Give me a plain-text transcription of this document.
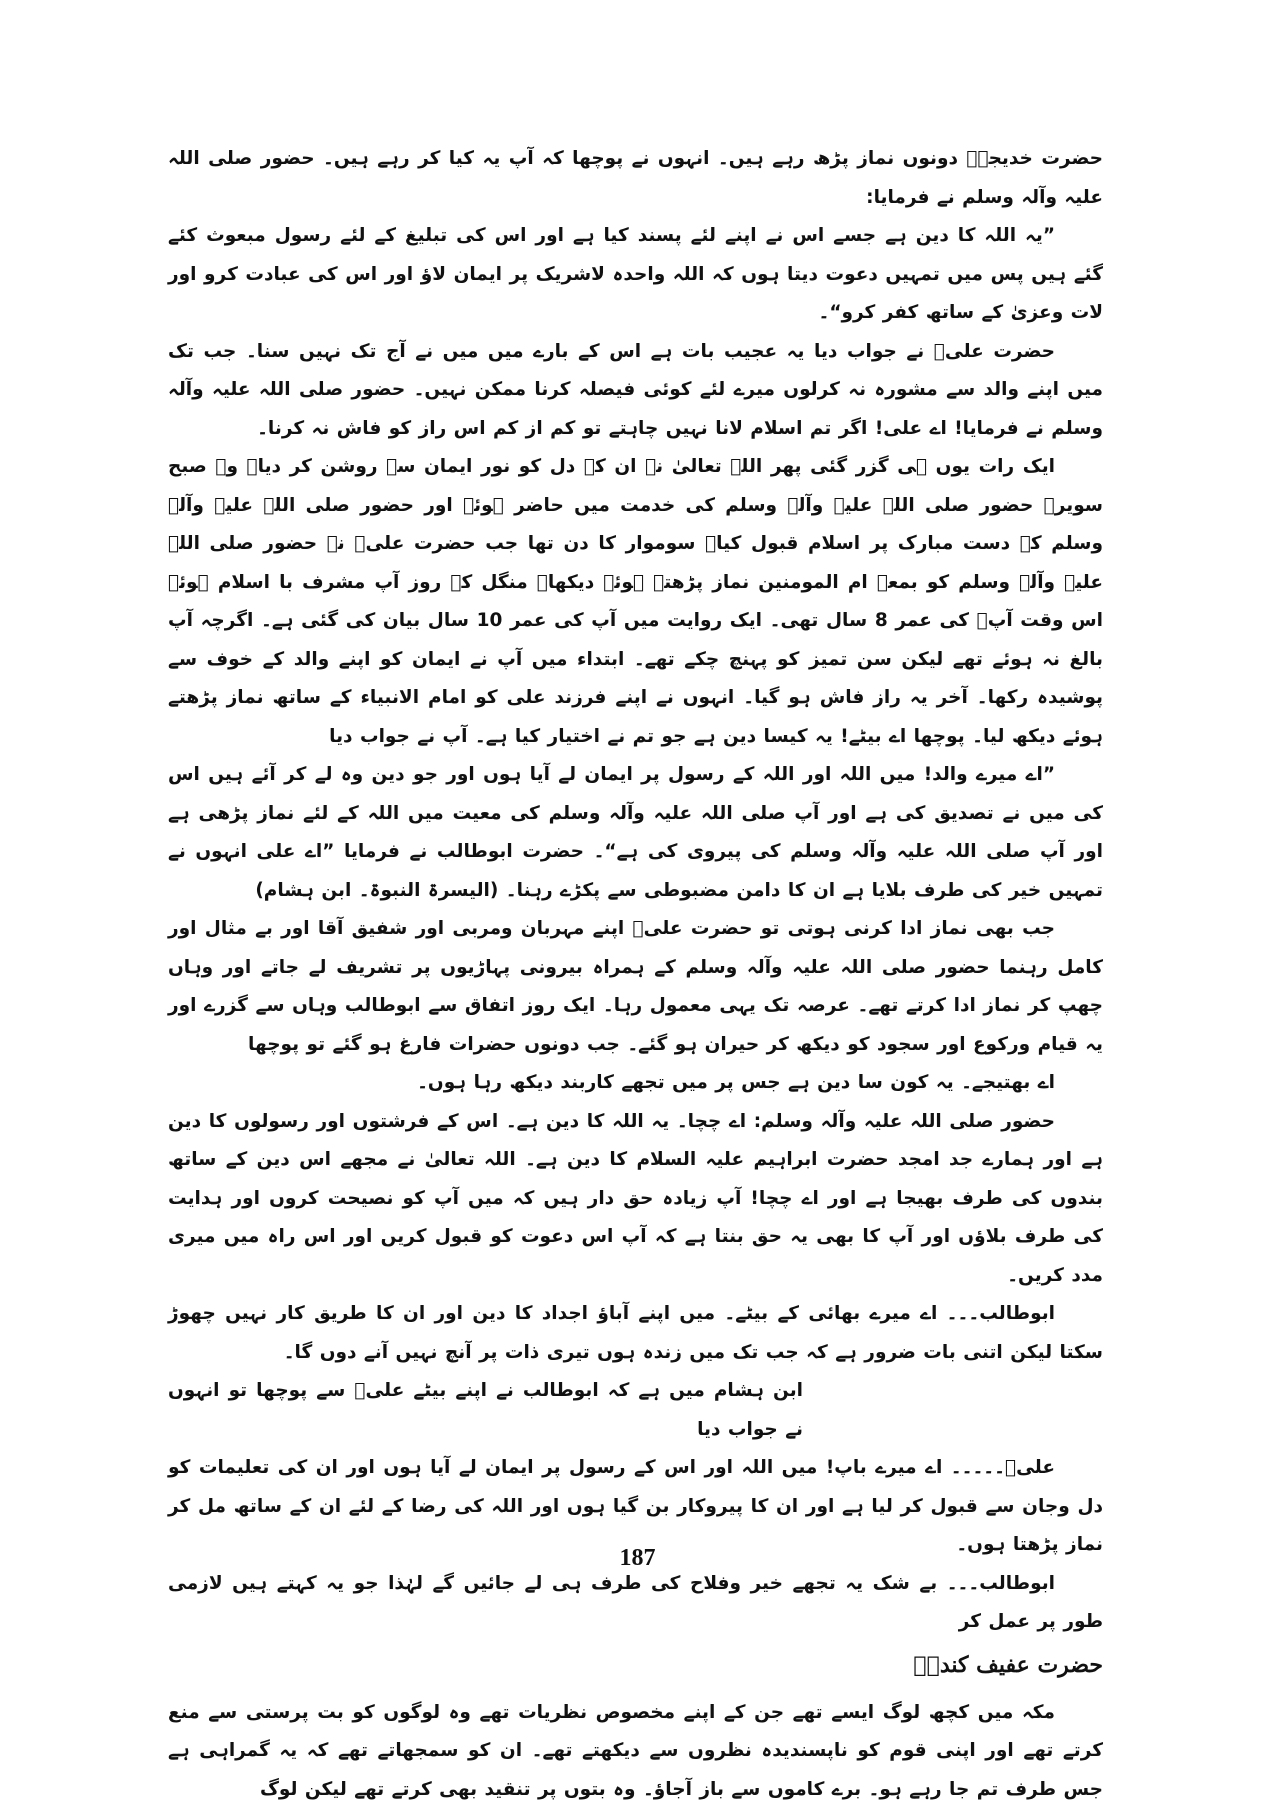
حضرت خدیجہؓ دونوں نماز پڑھ رہے ہیں۔ انہوں نے پوچھا کہ آپ یہ کیا کر رہے ہیں۔ حضور صلی اللہ علیہ وآلہ وسلم نے فرمایا:

”یہ اللہ کا دین ہے جسے اس نے اپنے لئے پسند کیا ہے اور اس کی تبلیغ کے لئے رسول مبعوث کئے گئے ہیں پس میں تمہیں دعوت دیتا ہوں کہ اللہ واحدہ لاشریک پر ایمان لاؤ اور اس کی عبادت کرو اور لات وعزیٰ کے ساتھ کفر کرو“۔

حضرت علیؓ نے جواب دیا یہ عجیب بات ہے اس کے بارے میں میں نے آج تک نہیں سنا۔ جب تک میں اپنے والد سے مشورہ نہ کرلوں میرے لئے کوئی فیصلہ کرنا ممکن نہیں۔ حضور صلی اللہ علیہ وآلہ وسلم نے فرمایا! اے علی! اگر تم اسلام لانا نہیں چاہتے تو کم از کم اس راز کو فاش نہ کرنا۔

ایک رات یوں ہی گزر گئی پھر اللہ تعالیٰ نے ان کے دل کو نور ایمان سے روشن کر دیا۔ وہ صبح سویرے حضور صلی اللہ علیہ وآلہ وسلم کی خدمت میں حاضر ہوئے اور حضور صلی اللہ علیہ وآلہ وسلم کے دست مبارک پر اسلام قبول کیا۔ سوموار کا دن تھا جب حضرت علیؓ نے حضور صلی اللہ علیہ وآلہ وسلم کو بمعہ ام المومنین نماز پڑھتے ہوئے دیکھا۔ منگل کے روز آپ مشرف با اسلام ہوئے اس وقت آپؓ کی عمر 8 سال تھی۔ ایک روایت میں آپ کی عمر 10 سال بیان کی گئی ہے۔ اگرچہ آپ بالغ نہ ہوئے تھے لیکن سن تمیز کو پہنچ چکے تھے۔ ابتداء میں آپ نے ایمان کو اپنے والد کے خوف سے پوشیدہ رکھا۔ آخر یہ راز فاش ہو گیا۔ انہوں نے اپنے فرزند علی کو امام الانبیاء کے ساتھ نماز پڑھتے ہوئے دیکھ لیا۔ پوچھا اے بیٹے! یہ کیسا دین ہے جو تم نے اختیار کیا ہے۔ آپ نے جواب دیا

”اے میرے والد! میں اللہ اور اللہ کے رسول پر ایمان لے آیا ہوں اور جو دین وہ لے کر آئے ہیں اس کی میں نے تصدیق کی ہے اور آپ صلی اللہ علیہ وآلہ وسلم کی معیت میں اللہ کے لئے نماز پڑھی ہے اور آپ صلی اللہ علیہ وآلہ وسلم کی پیروی کی ہے“۔ حضرت ابوطالب نے فرمایا ”اے علی انہوں نے تمہیں خیر کی طرف بلایا ہے ان کا دامن مضبوطی سے پکڑے رہنا۔ (الیسرۃ النبوۃ۔ ابن ہشام)

جب بھی نماز ادا کرنی ہوتی تو حضرت علیؓ اپنے مہربان ومربی اور شفیق آقا اور بے مثال اور کامل رہنما حضور صلی اللہ علیہ وآلہ وسلم کے ہمراہ بیرونی پہاڑیوں پر تشریف لے جاتے اور وہاں چھپ کر نماز ادا کرتے تھے۔ عرصہ تک یہی معمول رہا۔ ایک روز اتفاق سے ابوطالب وہاں سے گزرے اور یہ قیام ورکوع اور سجود کو دیکھ کر حیران ہو گئے۔ جب دونوں حضرات فارغ ہو گئے تو پوچھا

اے بھتیجے۔ یہ کون سا دین ہے جس پر میں تجھے کاربند دیکھ رہا ہوں۔

حضور صلی اللہ علیہ وآلہ وسلم: اے چچا۔ یہ اللہ کا دین ہے۔ اس کے فرشتوں اور رسولوں کا دین ہے اور ہمارے جد امجد حضرت ابراہیم علیہ السلام کا دین ہے۔ اللہ تعالیٰ نے مجھے اس دین کے ساتھ بندوں کی طرف بھیجا ہے اور اے چچا! آپ زیادہ حق دار ہیں کہ میں آپ کو نصیحت کروں اور ہدایت کی طرف بلاؤں اور آپ کا بھی یہ حق بنتا ہے کہ آپ اس دعوت کو قبول کریں اور اس راہ میں میری مدد کریں۔

ابوطالب۔۔۔ اے میرے بھائی کے بیٹے۔ میں اپنے آباؤ اجداد کا دین اور ان کا طریق کار نہیں چھوڑ سکتا لیکن اتنی بات ضرور ہے کہ جب تک میں زندہ ہوں تیری ذات پر آنچ نہیں آنے دوں گا۔

ابن ہشام میں ہے کہ ابوطالب نے اپنے بیٹے علیؓ سے پوچھا تو انہوں نے جواب دیا

علیؓ۔۔۔۔۔ اے میرے باپ! میں اللہ اور اس کے رسول پر ایمان لے آیا ہوں اور ان کی تعلیمات کو دل وجان سے قبول کر لیا ہے اور ان کا پیروکار بن گیا ہوں اور اللہ کی رضا کے لئے ان کے ساتھ مل کر نماز پڑھتا ہوں۔

ابوطالب۔۔۔ بے شک یہ تجھے خیر وفلاح کی طرف ہی لے جائیں گے لہٰذا جو یہ کہتے ہیں لازمی طور پر عمل کر

حضرت عفیف کندیؓ

مکہ میں کچھ لوگ ایسے تھے جن کے اپنے مخصوص نظریات تھے وہ لوگوں کو بت پرستی سے منع کرتے تھے اور اپنی قوم کو ناپسندیدہ نظروں سے دیکھتے تھے۔ ان کو سمجھاتے تھے کہ یہ گمراہی ہے جس طرف تم جا رہے ہو۔ برے کاموں سے باز آجاؤ۔ وہ بتوں پر تنقید بھی کرتے تھے لیکن لوگ

187
